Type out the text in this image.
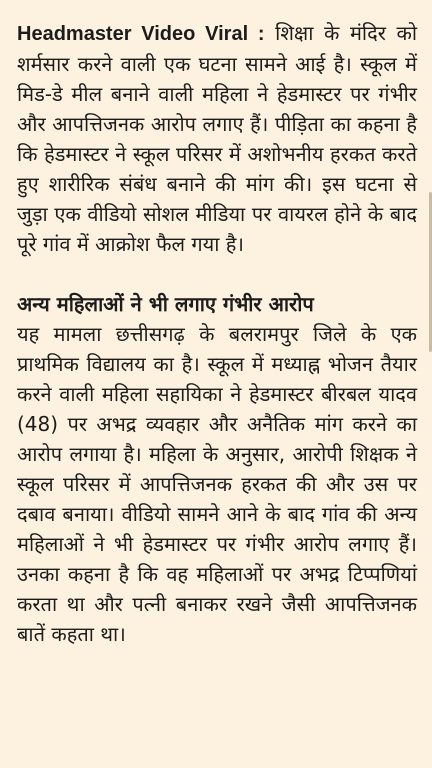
Headmaster Video Viral : शिक्षा के मंदिर को शर्मसार करने वाली एक घटना सामने आई है। स्कूल में मिड-डे मील बनाने वाली महिला ने हेडमास्टर पर गंभीर और आपत्तिजनक आरोप लगाए हैं। पीड़िता का कहना है कि हेडमास्टर ने स्कूल परिसर में अशोभनीय हरकत करते हुए शारीरिक संबंध बनाने की मांग की। इस घटना से जुड़ा एक वीडियो सोशल मीडिया पर वायरल होने के बाद पूरे गांव में आक्रोश फैल गया है।

अन्य महिलाओं ने भी लगाए गंभीर आरोप

यह मामला छत्तीसगढ़ के बलरामपुर जिले के एक प्राथमिक विद्यालय का है। स्कूल में मध्याह्न भोजन तैयार करने वाली महिला सहायिका ने हेडमास्टर बीरबल यादव (48) पर अभद्र व्यवहार और अनैतिक मांग करने का आरोप लगाया है। महिला के अनुसार, आरोपी शिक्षक ने स्कूल परिसर में आपत्तिजनक हरकत की और उस पर दबाव बनाया। वीडियो सामने आने के बाद गांव की अन्य महिलाओं ने भी हेडमास्टर पर गंभीर आरोप लगाए हैं। उनका कहना है कि वह महिलाओं पर अभद्र टिप्पणियां करता था और पत्नी बनाकर रखने जैसी आपत्तिजनक बातें कहता था।
